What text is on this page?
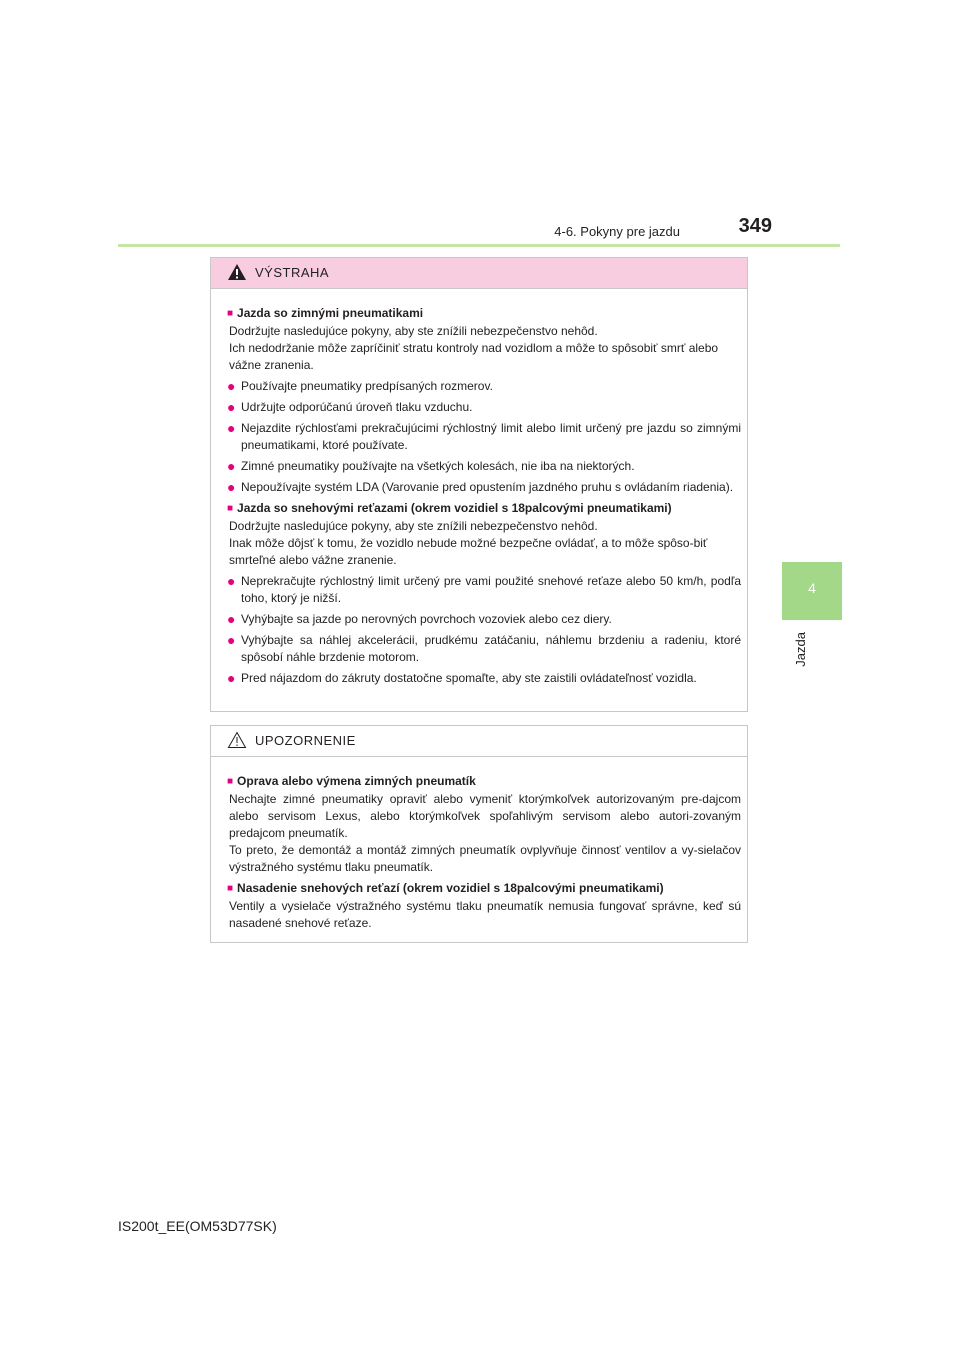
4-6. Pokyny pre jazdu	349
4
Jazda
VÝSTRAHA
■ Jazda so zimnými pneumatikami
Dodržujte nasledujúce pokyny, aby ste znížili nebezpečenstvo nehôd.
Ich nedodržanie môže zapríčiniť stratu kontroly nad vozidlom a môže to spôsobiť smrť alebo vážne zranenia.
● Používajte pneumatiky predpísaných rozmerov.
● Udržujte odporúčanú úroveň tlaku vzduchu.
● Nejazdite rýchlosťami prekračujúcimi rýchlostný limit alebo limit určený pre jazdu so zimnými pneumatikami, ktoré používate.
● Zimné pneumatiky používajte na všetkých kolesách, nie iba na niektorých.
● Nepoužívajte systém LDA (Varovanie pred opustením jazdného pruhu s ovládaním riadenia).
■ Jazda so snehovými reťazami (okrem vozidiel s 18palcovými pneumatikami)
Dodržujte nasledujúce pokyny, aby ste znížili nebezpečenstvo nehôd.
Inak môže dôjsť k tomu, že vozidlo nebude možné bezpečne ovládať, a to môže spôso-biť smrteľné alebo vážne zranenie.
● Neprekračujte rýchlostný limit určený pre vami použité snehové reťaze alebo 50 km/h, podľa toho, ktorý je nižší.
● Vyhýbajte sa jazde po nerovných povrchoch vozoviek alebo cez diery.
● Vyhýbajte sa náhlej akcelerácii, prudkému zatáčaniu, náhlemu brzdeniu a radeniu, ktoré spôsobí náhle brzdenie motorom.
● Pred nájazdom do zákruty dostatočne spomaľte, aby ste zaistili ovládateľnosť vozidla.
UPOZORNENIE
■ Oprava alebo výmena zimných pneumatík
Nechajte zimné pneumatiky opraviť alebo vymeniť ktorýmkoľvek autorizovaným pre-dajcom alebo servisom Lexus, alebo ktorýmkoľvek spoľahlivým servisom alebo autori-zovaným predajcom pneumatík.
To preto, že demontáž a montáž zimných pneumatík ovplyvňuje činnosť ventilov a vy-sielačov výstražného systému tlaku pneumatík.
■ Nasadenie snehových reťazí (okrem vozidiel s 18palcovými pneumatikami)
Ventily a vysielače výstražného systému tlaku pneumatík nemusia fungovať správne, keď sú nasadené snehové reťaze.
IS200t_EE(OM53D77SK)
